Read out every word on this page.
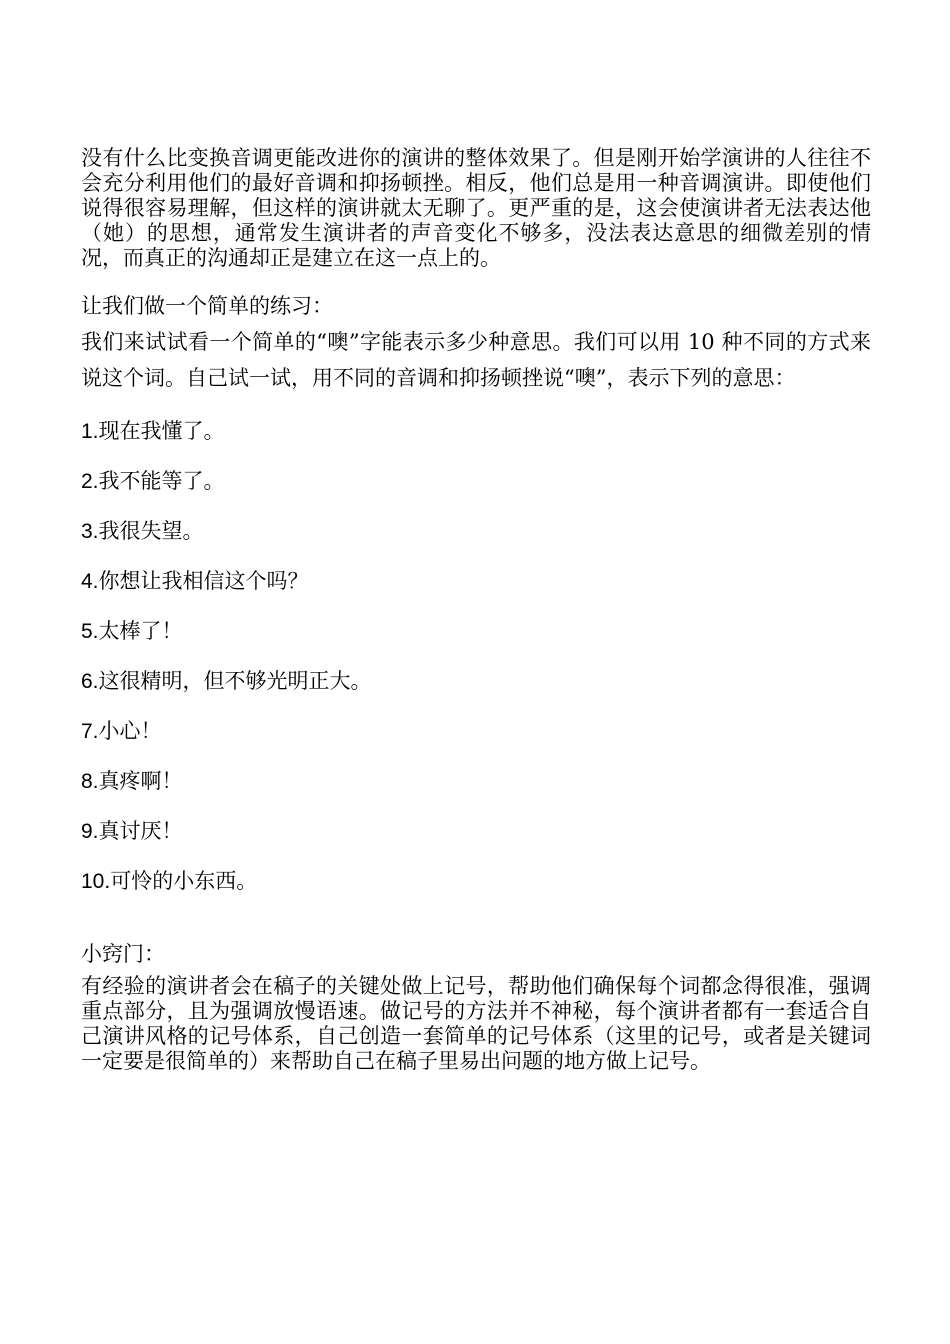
没有什么比变换音调更能改进你的演讲的整体效果了。但是刚开始学演讲的人往往不会充分利用他们的最好音调和抑扬顿挫。相反，他们总是用一种音调演讲。即使他们说得很容易理解，但这样的演讲就太无聊了。更严重的是，这会使演讲者无法表达他（她）的思想，通常发生演讲者的声音变化不够多，没法表达意思的细微差别的情况，而真正的沟通却正是建立在这一点上的。

让我们做一个简单的练习：

我们来试试看一个简单的“噢”字能表示多少种意思。我们可以用 10 种不同的方式来说这个词。自己试一试，用不同的音调和抑扬顿挫说“噢”，表示下列的意思：

1.现在我懂了。

2.我不能等了。

3.我很失望。

4.你想让我相信这个吗？

5.太棒了！

6.这很精明，但不够光明正大。

7.小心！

8.真疼啊！

9.真讨厌！

10.可怜的小东西。

小窍门：

有经验的演讲者会在稿子的关键处做上记号，帮助他们确保每个词都念得很准，强调重点部分，且为强调放慢语速。做记号的方法并不神秘，每个演讲者都有一套适合自己演讲风格的记号体系，自己创造一套简单的记号体系（这里的记号，或者是关键词一定要是很简单的）来帮助自己在稿子里易出问题的地方做上记号。
